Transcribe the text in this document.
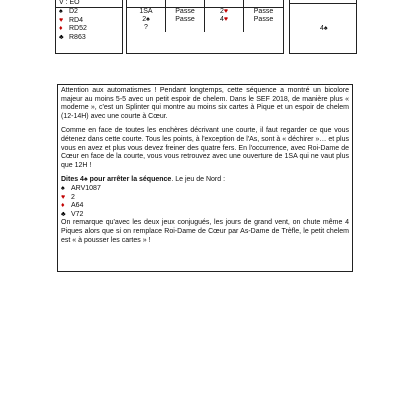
V : EO
♠ D2
♥ RD4
♦ RD52
♣ R863
1SA	Passe	2♥	Passe
2♠	Passe	4♥	Passe
?	4♠

Attention aux automatismes ! Pendant longtemps, cette séquence a montré un bicolore majeur au moins 5-5 avec un petit espoir de chelem. Dans le SEF 2018, de manière plus « moderne », c'est un Splinter qui montre au moins six cartes à Pique et un espoir de chelem (12-14H) avec une courte à Cœur.

Comme en face de toutes les enchères décrivant une courte, il faut regarder ce que vous détenez dans cette courte. Tous les points, à l'exception de l'As, sont à « déchirer »… et plus vous en avez et plus vous devez freiner des quatre fers. En l'occurrence, avec Roi-Dame de Cœur en face de la courte, vous vous retrouvez avec une ouverture de 1SA qui ne vaut plus que 12H !

Dites 4♠ pour arrêter la séquence. Le jeu de Nord :

♠ ARV1087
♥ 2
♦ A64
♣ V72

On remarque qu'avec les deux jeux conjugués, les jours de grand vent, on chute même 4 Piques alors que si on remplace Roi-Dame de Cœur par As-Dame de Trèfle, le petit chelem est « à pousser les cartes » !
